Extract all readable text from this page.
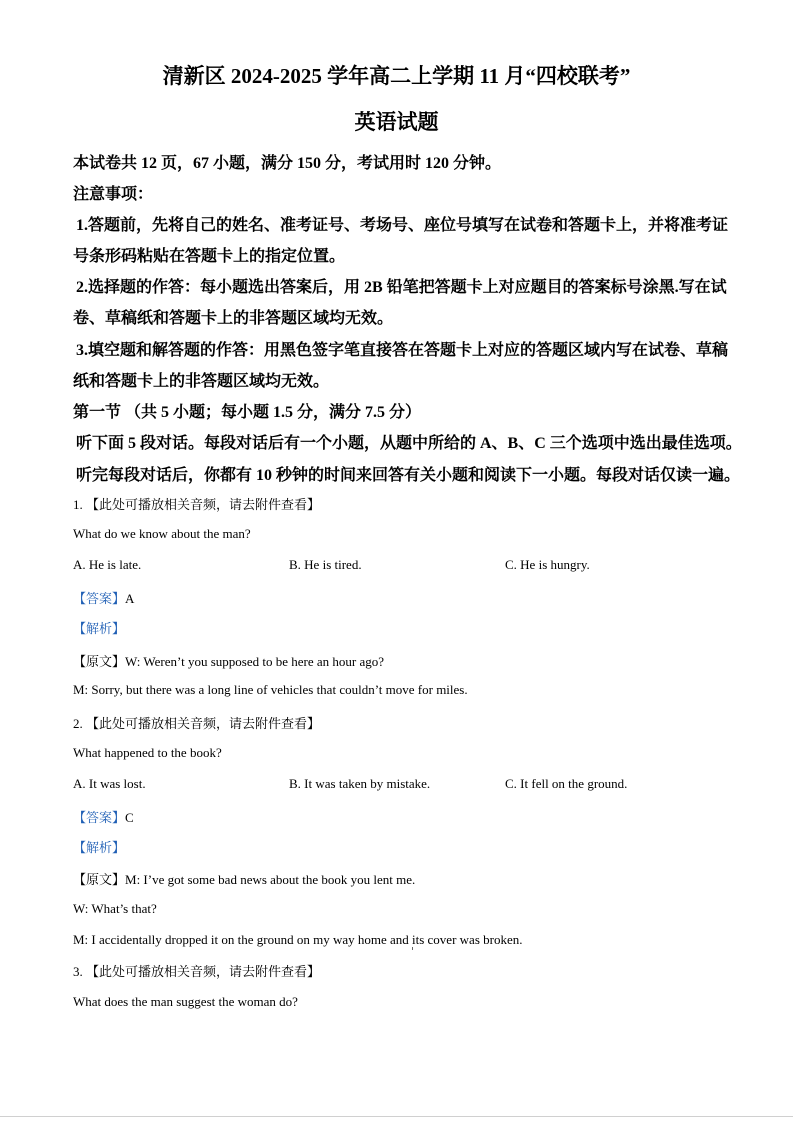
清新区 2024-2025 学年高二上学期 11 月“四校联考”
英语试题
本试卷共 12 页，67 小题，满分 150 分，考试用时 120 分钟。
注意事项：
1.答题前，先将自己的姓名、准考证号、考场号、座位号填写在试卷和答题卡上，并将准考证
号条形码粘贴在答题卡上的指定位置。
2.选择题的作答：每小题选出答案后，用 2B 铅笔把答题卡上对应题目的答案标号涂黑.写在试
卷、草稿纸和答题卡上的非答题区域均无效。
3.填空题和解答题的作答：用黑色签字笔直接答在答题卡上对应的答题区域内写在试卷、草稿
纸和答题卡上的非答题区域均无效。
第一节 （共 5 小题；每小题 1.5 分，满分 7.5 分）
听下面 5 段对话。每段对话后有一个小题，从题中所给的 A、B、C 三个选项中选出最佳选项。
听完每段对话后，你都有 10 秒钟的时间来回答有关小题和阅读下一小题。每段对话仅读一遍。
1. 【此处可播放相关音频，请去附件查看】
What do we know about the man?
A. He is late.	B. He is tired.	C. He is hungry.
【答案】A
【解析】
【原文】W: Weren’t you supposed to be here an hour ago?
M: Sorry, but there was a long line of vehicles that couldn’t move for miles.
2. 【此处可播放相关音频，请去附件查看】
What happened to the book?
A. It was lost.	B. It was taken by mistake.	C. It fell on the ground.
【答案】C
【解析】
【原文】M: I’ve got some bad news about the book you lent me.
W: What’s that?
M: I accidentally dropped it on the ground on my way home and its cover was broken.
3. 【此处可播放相关音频，请去附件查看】
What does the man suggest the woman do?
